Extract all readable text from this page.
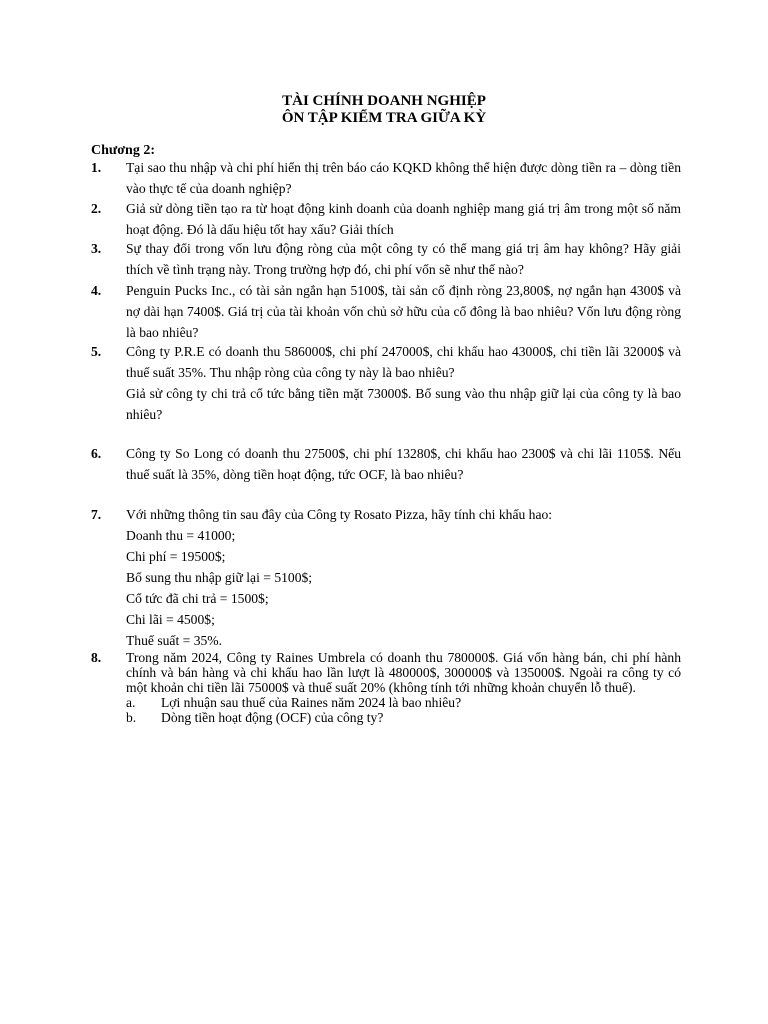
TÀI CHÍNH DOANH NGHIỆP
ÔN TẬP KIỂM TRA GIỮA KỲ
Chương 2:
1.	Tại sao thu nhập và chi phí hiển thị trên báo cáo KQKD không thể hiện được dòng tiền ra – dòng tiền vào thực tế của doanh nghiệp?

2.	Giả sử dòng tiền tạo ra từ hoạt động kinh doanh của doanh nghiệp mang giá trị âm trong một số năm hoạt động. Đó là dấu hiệu tốt hay xấu? Giải thích

3.	Sự thay đổi trong vốn lưu động ròng của một công ty có thể mang giá trị âm hay không? Hãy giải thích về tình trạng này. Trong trường hợp đó, chi phí vốn sẽ như thế nào?

4.	Penguin Pucks Inc., có tài sản ngắn hạn 5100$, tài sản cố định ròng 23,800$, nợ ngắn hạn 4300$ và nợ dài hạn 7400$. Giá trị của tài khoản vốn chủ sở hữu của cổ đông là bao nhiêu? Vốn lưu động ròng là bao nhiêu?

5.	Công ty P.R.E có doanh thu 586000$, chi phí 247000$, chi khấu hao 43000$, chi tiền lãi 32000$ và thuế suất 35%. Thu nhập ròng của công ty này là bao nhiêu?

Giả sử công ty chi trả cổ tức bằng tiền mặt 73000$. Bổ sung vào thu nhập giữ lại của công ty là bao nhiêu?

6.	Công ty So Long có doanh thu 27500$, chi phí 13280$, chi khấu hao 2300$ và chi lãi 1105$. Nếu thuế suất là 35%, dòng tiền hoạt động, tức OCF, là bao nhiêu?

7.	Với những thông tin sau đây của Công ty Rosato Pizza, hãy tính chi khấu hao:

Doanh thu = 41000;

Chi phí = 19500$;

Bổ sung thu nhập giữ lại = 5100$;

Cổ tức đã chi trả = 1500$;

Chi lãi = 4500$;

Thuế suất = 35%.

8.	Trong năm 2024, Công ty Raines Umbrela có doanh thu 780000$. Giá vốn hàng bán, chi phí hành chính và bán hàng và chi khấu hao lần lượt là 480000$, 300000$ và 135000$. Ngoài ra công ty có một khoản chi tiền lãi 75000$ và thuế suất 20% (không tính tới những khoản chuyển lỗ thuế).

a. Lợi nhuận sau thuế của Raines năm 2024 là bao nhiêu?
b. Dòng tiền hoạt động (OCF) của công ty?
